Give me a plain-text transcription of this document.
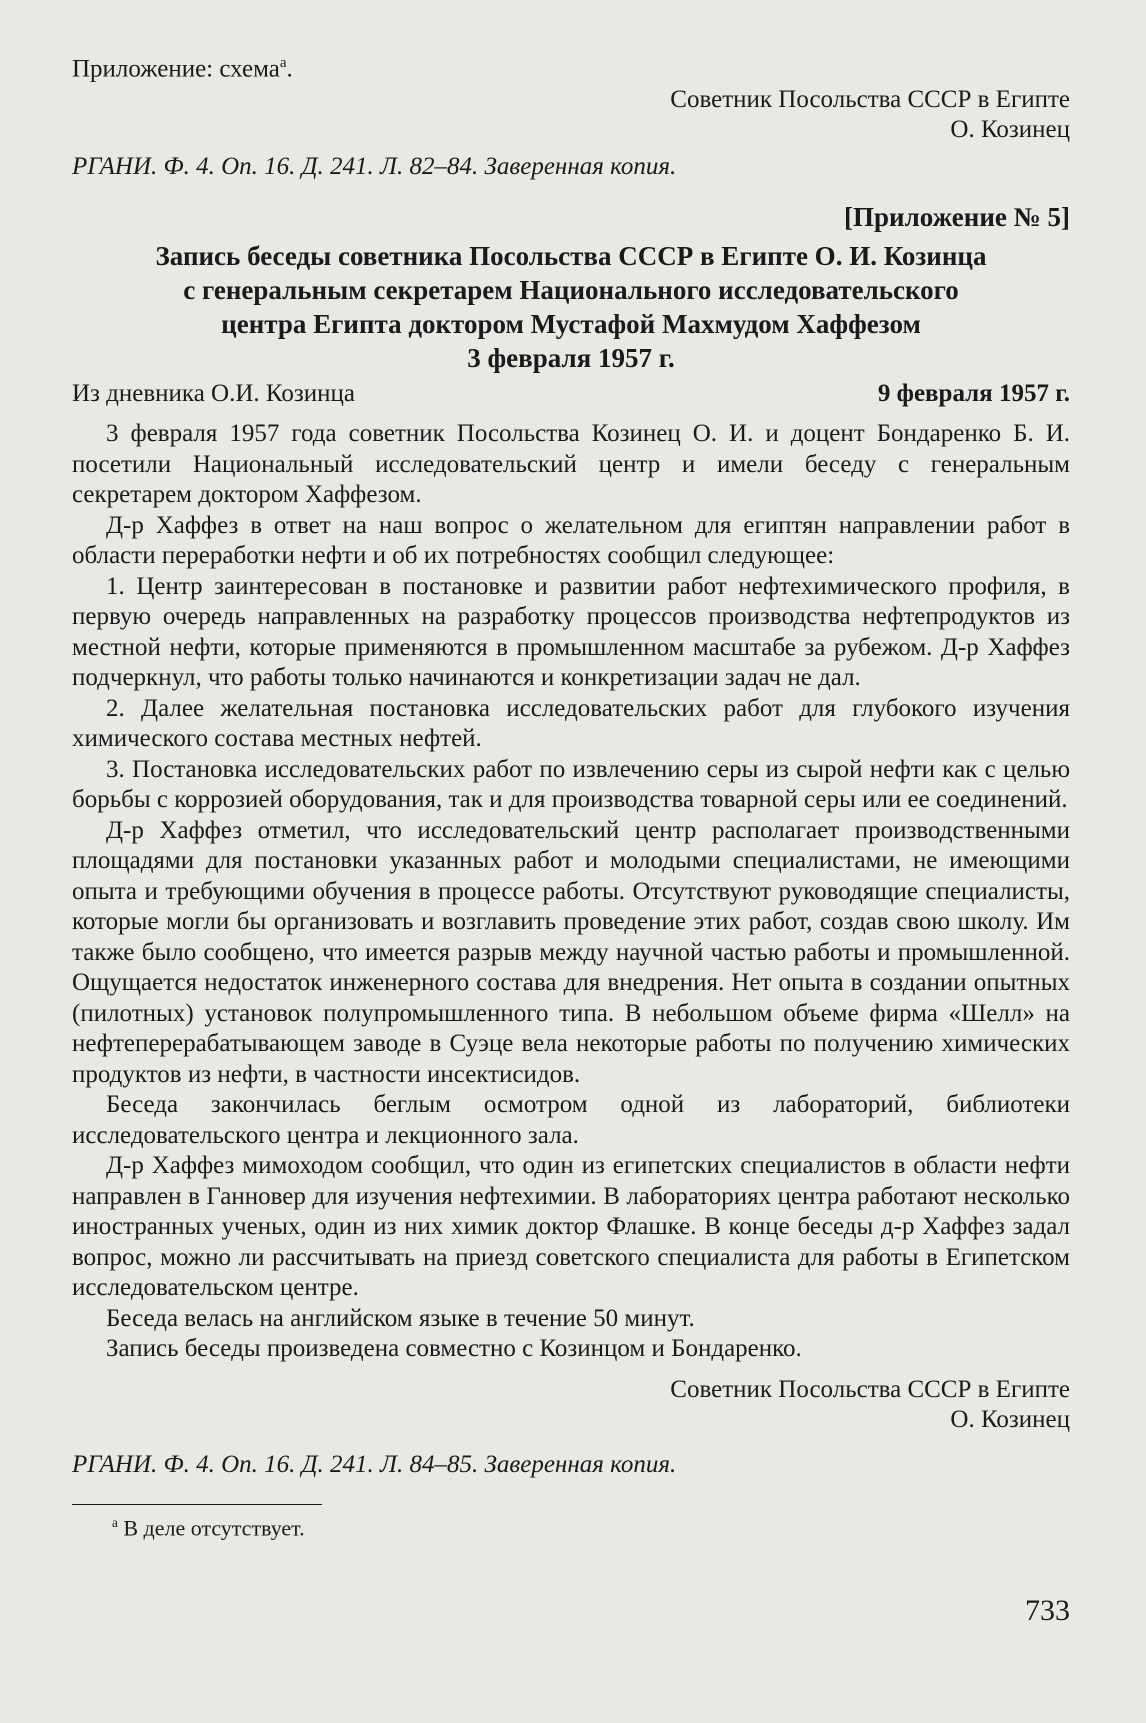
Приложение: схема$^а$.
Советник Посольства СССР в Египте
О. Козинец
РГАНИ. Ф. 4. Оп. 16. Д. 241. Л. 82–84. Заверенная копия.
[Приложение № 5]
Запись беседы советника Посольства СССР в Египте О. И. Козинца
с генеральным секретарем Национального исследовательского
центра Египта доктором Мустафой Махмудом Хаффезом
3 февраля 1957 г.
Из дневника О.И. Козинца	9 февраля 1957 г.

3 февраля 1957 года советник Посольства Козинец О. И. и доцент Бондаренко Б. И. посетили Национальный исследовательский центр и имели беседу с генеральным секретарем доктором Хаффезом.

Д-р Хаффез в ответ на наш вопрос о желательном для египтян направлении работ в области переработки нефти и об их потребностях сообщил следующее:

1. Центр заинтересован в постановке и развитии работ нефтехимического профиля, в первую очередь направленных на разработку процессов производства нефтепродуктов из местной нефти, которые применяются в промышленном масштабе за рубежом. Д-р Хаффез подчеркнул, что работы только начинаются и конкретизации задач не дал.

2. Далее желательная постановка исследовательских работ для глубокого изучения химического состава местных нефтей.

3. Постановка исследовательских работ по извлечению серы из сырой нефти как с целью борьбы с коррозией оборудования, так и для производства товарной серы или ее соединений.

Д-р Хаффез отметил, что исследовательский центр располагает производственными площадями для постановки указанных работ и молодыми специалистами, не имеющими опыта и требующими обучения в процессе работы. Отсутствуют руководящие специалисты, которые могли бы организовать и возглавить проведение этих работ, создав свою школу. Им также было сообщено, что имеется разрыв между научной частью работы и промышленной. Ощущается недостаток инженерного состава для внедрения. Нет опыта в создании опытных (пилотных) установок полупромышленного типа. В небольшом объеме фирма «Шелл» на нефтеперерабатывающем заводе в Суэце вела некоторые работы по получению химических продуктов из нефти, в частности инсектисидов.

Беседа закончилась беглым осмотром одной из лабораторий, библиотеки исследовательского центра и лекционного зала.

Д-р Хаффез мимоходом сообщил, что один из египетских специалистов в области нефти направлен в Ганновер для изучения нефтехимии. В лабораториях центра работают несколько иностранных ученых, один из них химик доктор Флашке. В конце беседы д-р Хаффез задал вопрос, можно ли рассчитывать на приезд советского специалиста для работы в Египетском исследовательском центре.

Беседа велась на английском языке в течение 50 минут.

Запись беседы произведена совместно с Козинцом и Бондаренко.

Советник Посольства СССР в Египте
О. Козинец
РГАНИ. Ф. 4. Оп. 16. Д. 241. Л. 84–85. Заверенная копия.
$^а$ В деле отсутствует.
733
